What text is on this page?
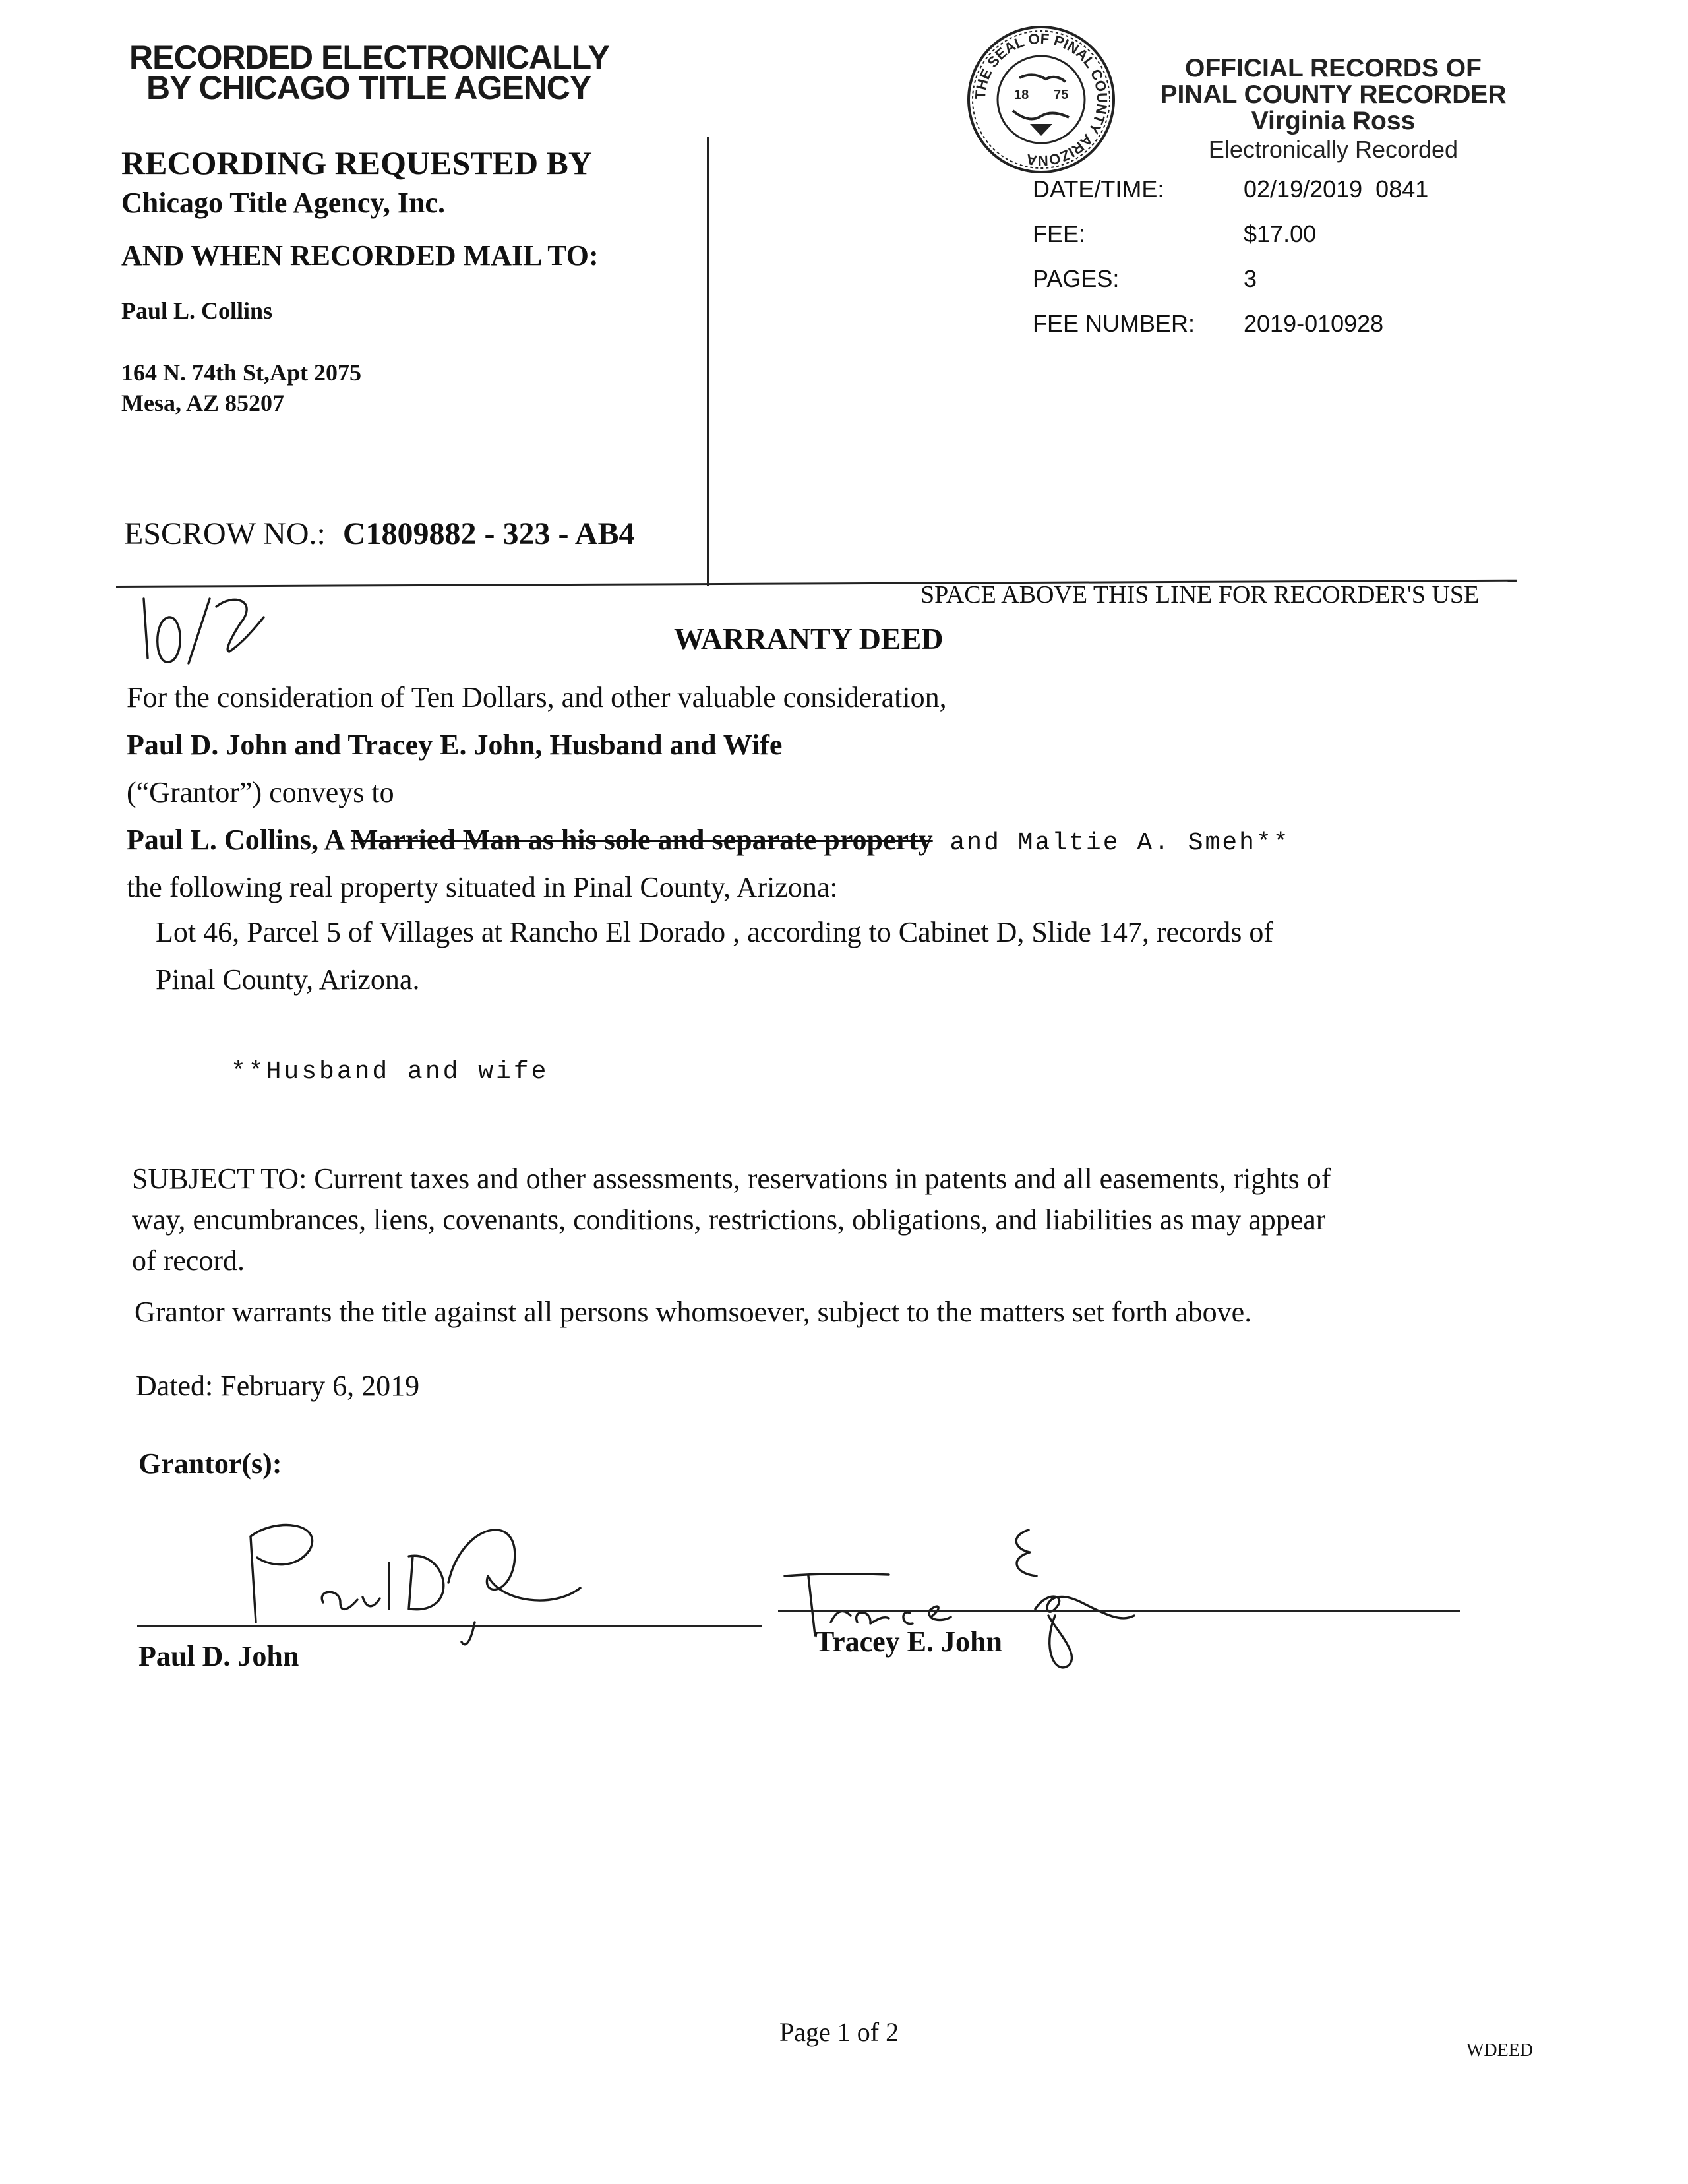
RECORDED ELECTRONICALLY
BY CHICAGO TITLE AGENCY
RECORDING REQUESTED BY
Chicago Title Agency, Inc.
AND WHEN RECORDED MAIL TO:
Paul L. Collins
164 N. 74th St,Apt 2075
Mesa, AZ 85207
ESCROW NO.: C1809882 - 323 - AB4
THE SEAL OF PINAL COUNTY ARIZONA
18 75
OFFICIAL RECORDS OF
PINAL COUNTY RECORDER
Virginia Ross
Electronically Recorded
DATE/TIME:	02/19/2019  0841
FEE:	$17.00
PAGES:	3
FEE NUMBER: 2019-010928
SPACE ABOVE THIS LINE FOR RECORDER'S USE
WARRANTY DEED
For the consideration of Ten Dollars, and other valuable consideration,
Paul D. John and Tracey E. John, Husband and Wife
(“Grantor”) conveys to
Paul L. Collins, A Married Man as his sole and separate property and Maltie A. Smeh**
the following real property situated in Pinal County, Arizona:
Lot 46, Parcel 5 of Villages at Rancho El Dorado , according to Cabinet D, Slide 147, records of
Pinal County, Arizona.
**Husband and wife
SUBJECT TO: Current taxes and other assessments, reservations in patents and all easements, rights of
way, encumbrances, liens, covenants, conditions, restrictions, obligations, and liabilities as may appear
of record.
Grantor warrants the title against all persons whomsoever, subject to the matters set forth above.
Dated: February 6, 2019
Grantor(s):
Paul D. John	Tracey E. John
Page 1 of 2
WDEED
